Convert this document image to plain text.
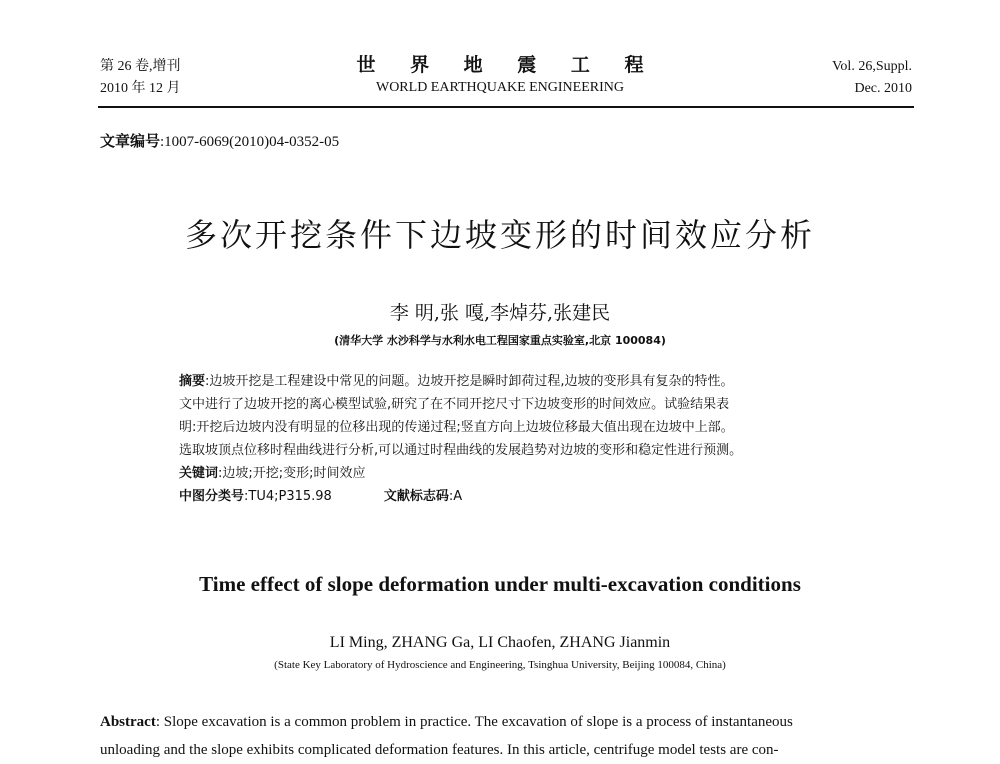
第 26 卷,增刊
2010 年 12 月
世 界 地 震 工 程
WORLD EARTHQUAKE ENGINEERING
Vol. 26,Suppl.
Dec. 2010
文章编号:1007-6069(2010)04-0352-05
多次开挖条件下边坡变形的时间效应分析
李 明,张 嘎,李焯芬,张建民
(清华大学 水沙科学与水利水电工程国家重点实验室,北京 100084)
摘要:边坡开挖是工程建设中常见的问题。边坡开挖是瞬时卸荷过程,边坡的变形具有复杂的特性。
文中进行了边坡开挖的离心模型试验,研究了在不同开挖尺寸下边坡变形的时间效应。试验结果表
明:开挖后边坡内没有明显的位移出现的传递过程;竖直方向上边坡位移最大值出现在边坡中上部。
选取坡顶点位移时程曲线进行分析,可以通过时程曲线的发展趋势对边坡的变形和稳定性进行预测。
关键词:边坡;开挖;变形;时间效应
中图分类号:TU4;P315.98	文献标志码:A
Time effect of slope deformation under multi-excavation conditions
LI Ming, ZHANG Ga, LI Chaofen, ZHANG Jianmin
(State Key Laboratory of Hydroscience and Engineering, Tsinghua University, Beijing 100084, China)
Abstract: Slope excavation is a common problem in practice. The excavation of slope is a process of instantaneous
unloading and the slope exhibits complicated deformation features. In this article, centrifuge model tests are con-
